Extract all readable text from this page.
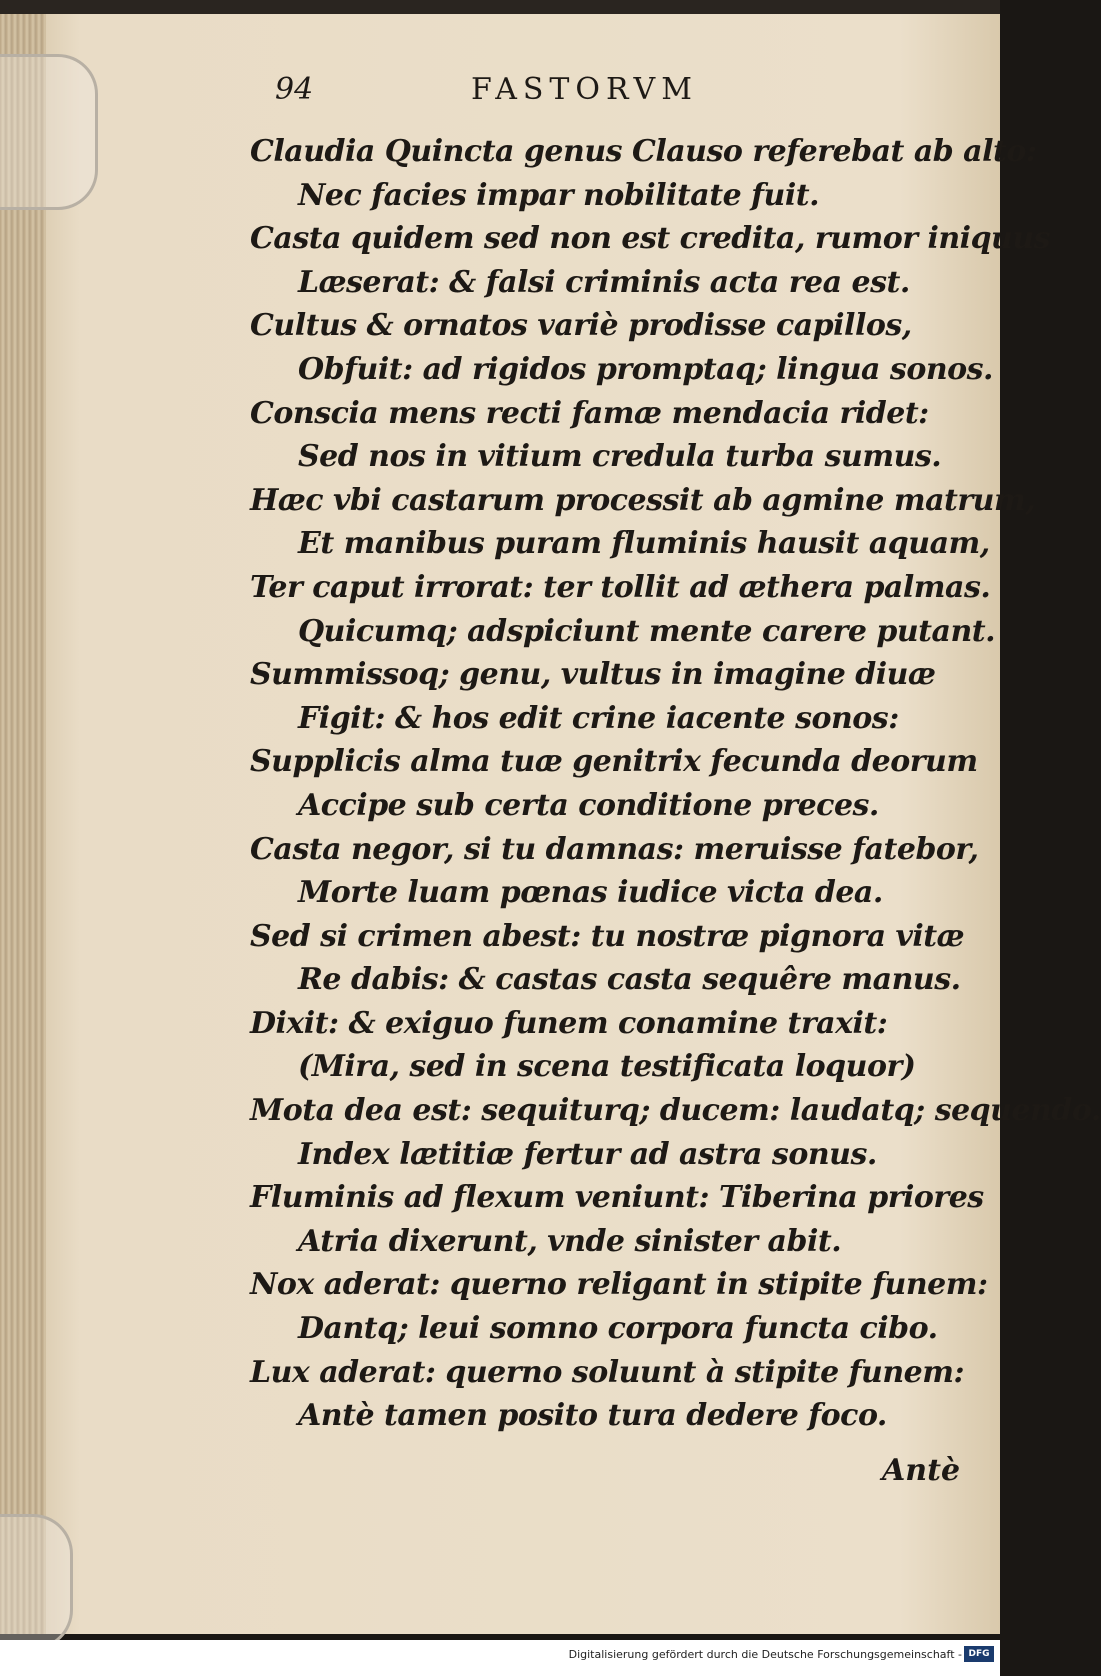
94	FASTORVM
Claudia Quincta genus Clauso referebat ab alto:
Nec facies impar nobilitate fuit.
Casta quidem sed non est credita, rumor iniquus
Læserat: & falsi criminis acta rea est.
Cultus & ornatos variè prodisse capillos,
Obfuit: ad rigidos promptaq; lingua sonos.
Conscia mens recti famæ mendacia ridet:
Sed nos in vitium credula turba sumus.
Hæc vbi castarum processit ab agmine matrum,
Et manibus puram fluminis hausit aquam,
Ter caput irrorat: ter tollit ad æthera palmas.
Quicumq; adspiciunt mente carere putant.
Summissoq; genu, vultus in imagine diuæ
Figit: & hos edit crine iacente sonos:
Supplicis alma tuæ genitrix fecunda deorum
Accipe sub certa conditione preces.
Casta negor, si tu damnas: meruisse fatebor,
Morte luam pœnas iudice victa dea.
Sed si crimen abest: tu nostræ pignora vitæ
Re dabis: & castas casta sequêre manus.
Dixit: & exiguo funem conamine traxit:
(Mira, sed in scena testificata loquor)
Mota dea est: sequiturq; ducem: laudatq; sequendo.
Index lætitiæ fertur ad astra sonus.
Fluminis ad flexum veniunt: Tiberina priores
Atria dixerunt, vnde sinister abit.
Nox aderat: querno religant in stipite funem:
Dantq; leui somno corpora functa cibo.
Lux aderat: querno soluunt à stipite funem:
Antè tamen posito tura dedere foco.
Antè
Digitalisierung gefördert durch die Deutsche Forschungsgemeinschaft - DFG
